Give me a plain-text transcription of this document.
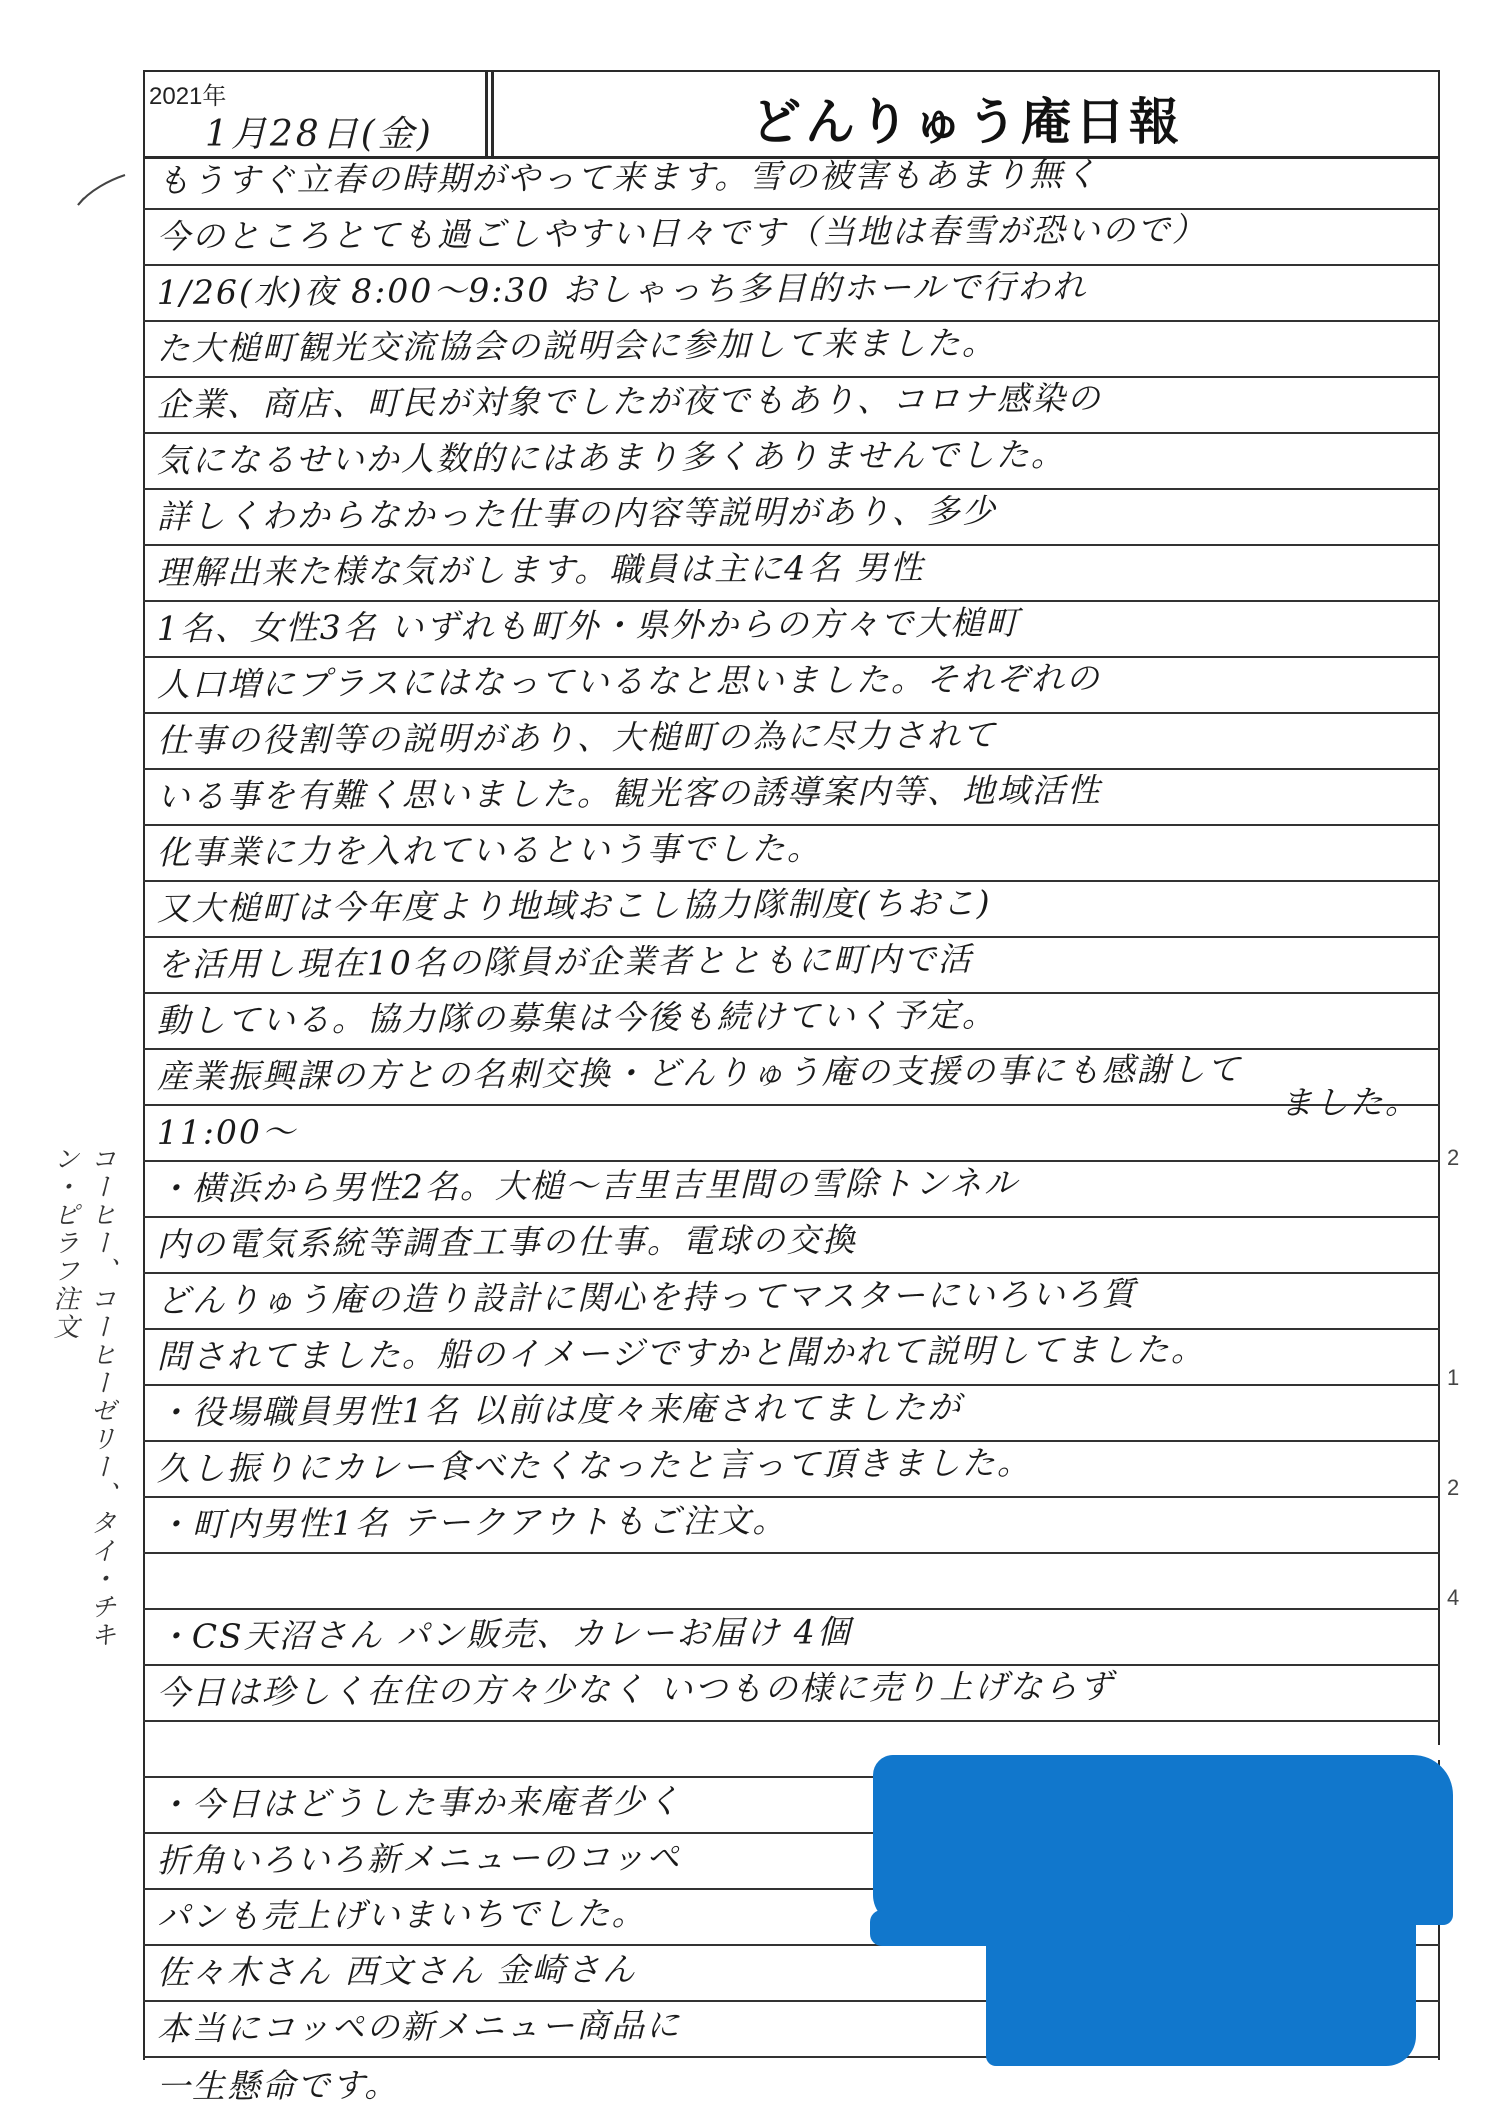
2021年
1月28日(金)	どんりゅう庵日報
もうすぐ立春の時期がやって来ます。雪の被害もあまり無く
今のところとても過ごしやすい日々です（当地は春雪が恐いので）
1/26(水)夜 8:00〜9:30 おしゃっち多目的ホールで行われ
た大槌町観光交流協会の説明会に参加して来ました。
企業、商店、町民が対象でしたが夜でもあり、コロナ感染の
気になるせいか人数的にはあまり多くありませんでした。
詳しくわからなかった仕事の内容等説明があり、多少
理解出来た様な気がします。職員は主に4名 男性
1名、女性3名 いずれも町外・県外からの方々で大槌町
人口増にプラスにはなっているなと思いました。それぞれの
仕事の役割等の説明があり、大槌町の為に尽力されて
いる事を有難く思いました。観光客の誘導案内等、地域活性
化事業に力を入れているという事でした。
又大槌町は今年度より地域おこし協力隊制度(ちおこ)
を活用し現在10名の隊員が企業者とともに町内で活
動している。協力隊の募集は今後も続けていく予定。
産業振興課の方との名刺交換・どんりゅう庵の支援の事にも感謝して
11:00〜
ました。
・横浜から男性2名。大槌〜吉里吉里間の雪除トンネル
内の電気系統等調査工事の仕事。電球の交換
どんりゅう庵の造り設計に関心を持ってマスターにいろいろ質
問されてました。船のイメージですかと聞かれて説明してました。
・役場職員男性1名 以前は度々来庵されてましたが
久し振りにカレー食べたくなったと言って頂きました。
・町内男性1名 テークアウトもご注文。
・CS天沼さん パン販売、カレーお届け 4個
今日は珍しく在住の方々少なく いつもの様に売り上げならず
・今日はどうした事か来庵者少く
折角いろいろ新メニューのコッペ
パンも売上げいまいちでした。
佐々木さん 西文さん 金崎さん
本当にコッペの新メニュー商品に
一生懸命です。
コーヒー、コーヒーゼリー、タイ・チキン・ピラフ注文	2
1
2
4
